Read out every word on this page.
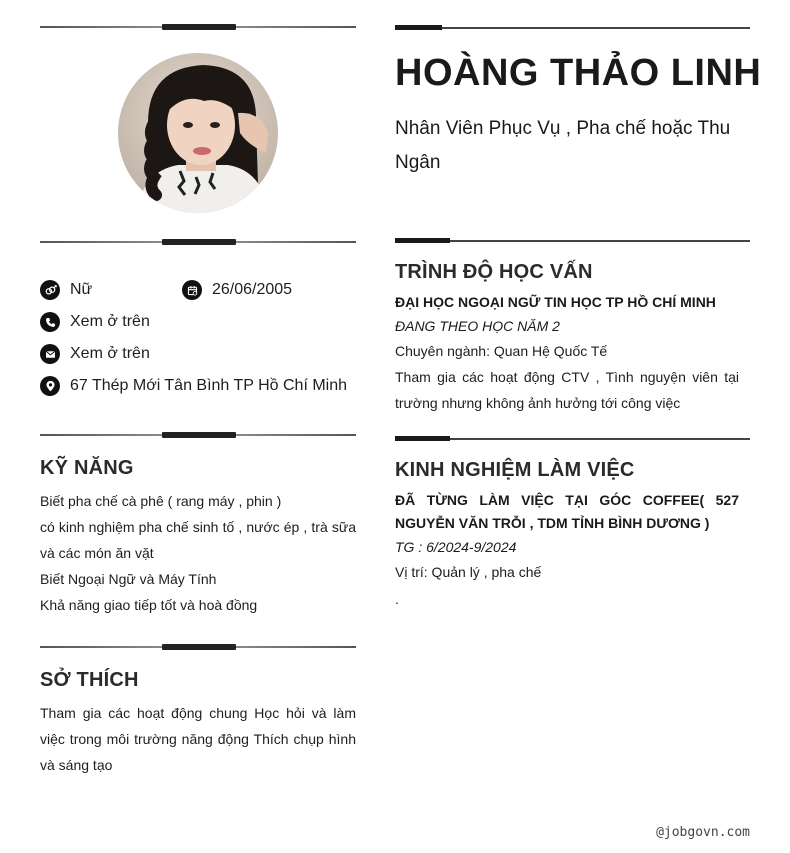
Nữ	26/06/2005
Xem ở trên
Xem ở trên
67 Thép Mới Tân Bình TP Hồ Chí Minh
KỸ NĂNG
Biết pha chế cà phê ( rang máy , phin )
có kinh nghiệm pha chế sinh tố , nước ép , trà sữa và các món ăn vặt
Biết Ngoại Ngữ và Máy Tính
Khả năng giao tiếp tốt và hoà đồng
SỞ THÍCH
Tham gia các hoạt động chung Học hỏi và làm việc trong môi trường năng động Thích chụp hình và sáng tạo
HOÀNG THẢO LINH
Nhân Viên Phục Vụ , Pha chế hoặc Thu Ngân
TRÌNH ĐỘ HỌC VẤN
ĐẠI HỌC NGOẠI NGỮ TIN HỌC TP HỒ CHÍ MINH
ĐANG THEO HỌC NĂM 2
Chuyên ngành: Quan Hệ Quốc Tế
Tham gia các hoạt động CTV , Tình nguyện viên tại trường nhưng không ảnh hưởng tới công việc
KINH NGHIỆM LÀM VIỆC
ĐÃ TỪNG LÀM VIỆC TẠI GÓC COFFEE( 527 NGUYỄN VĂN TRỖI , TDM TỈNH BÌNH DƯƠNG )
TG : 6/2024-9/2024
Vị trí: Quản lý , pha chế
.
@jobgovn.com
